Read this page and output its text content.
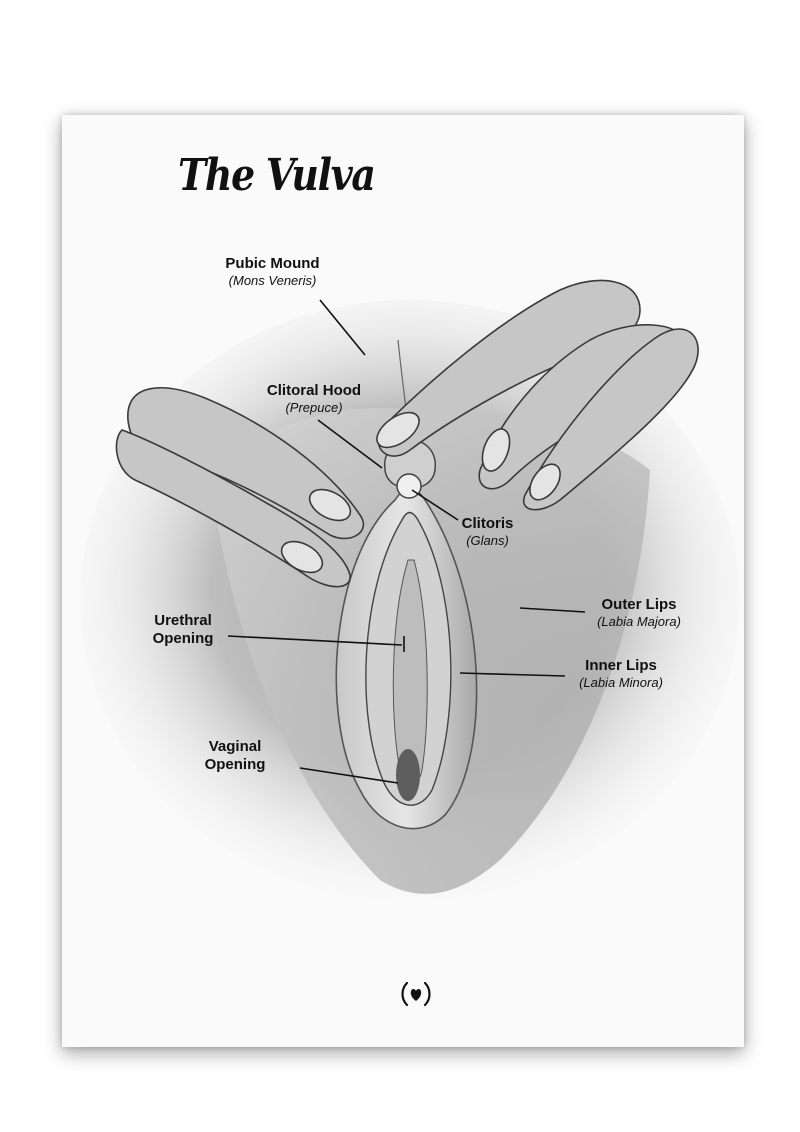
The Vulva
Pubic Mound
(Mons Veneris)
Clitoral Hood
(Prepuce)
Clitoris
(Glans)
Outer Lips
(Labia Majora)
Inner Lips
(Labia Minora)
Urethral
Opening
Vaginal
Opening
